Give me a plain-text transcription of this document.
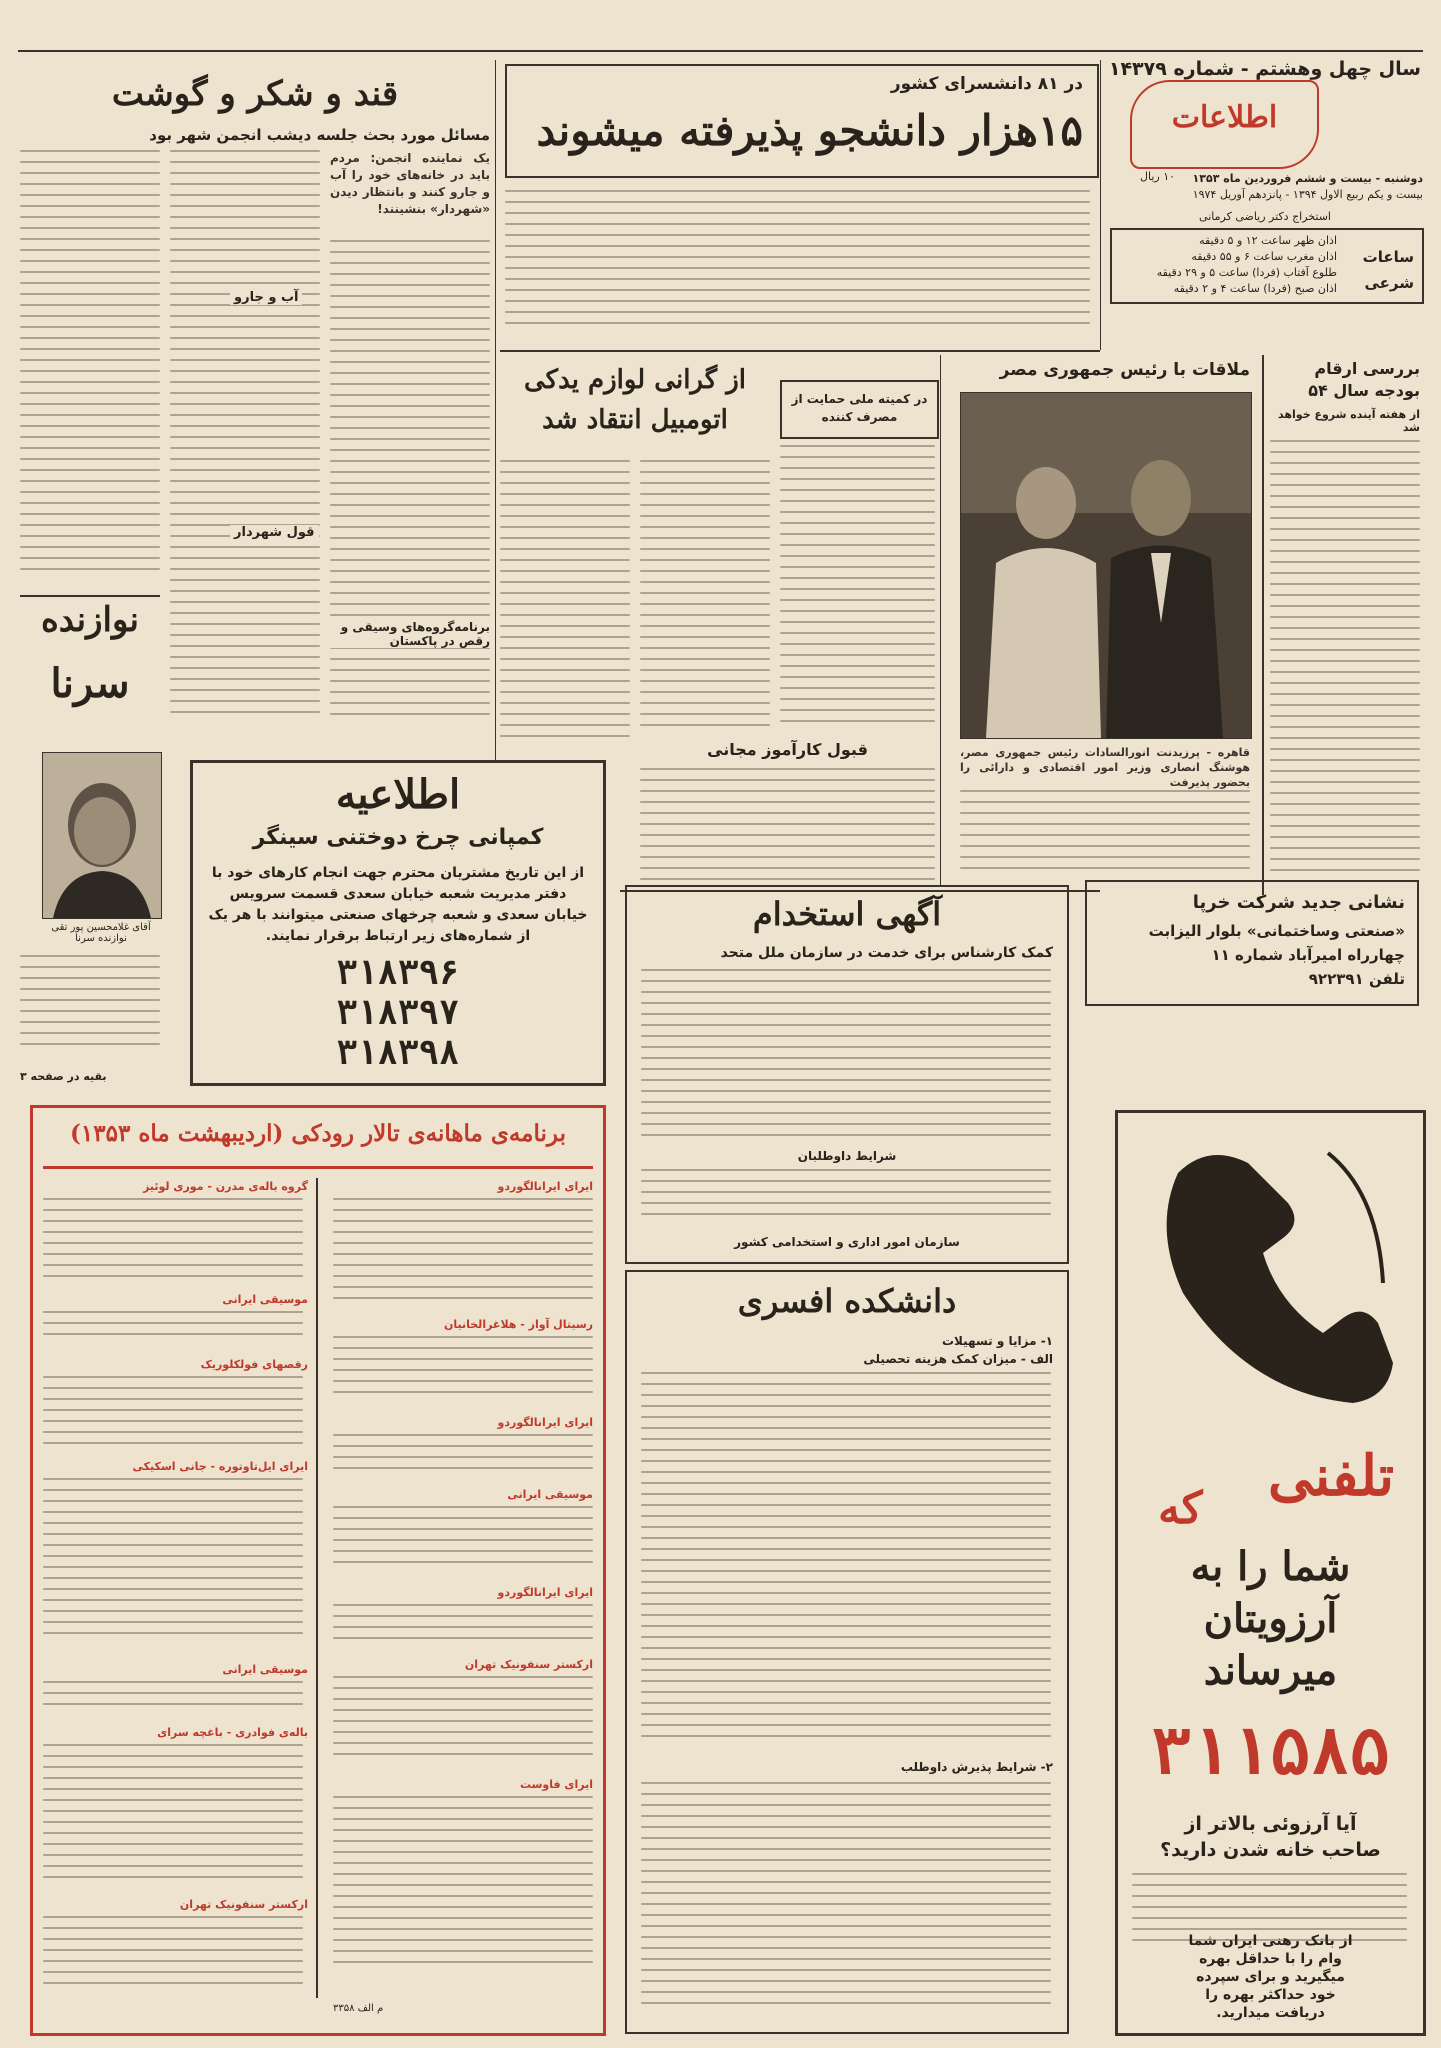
سال چهل وهشتم - شماره ۱۴۳۷۹
اطلاعات
۱۰ ریال دوشنبه - بیست و ششم فروردین ماه ۱۳۵۳
بیست و یکم ربیع الاول ۱۳۹۴ - پانزدهم آوریل ۱۹۷۴
ساعات شرعی
اذان ظهر ساعت ۱۲ و ۵ دقیقه
اذان مغرب ساعت ۶ و ۵۵ دقیقه
طلوع آفتاب (فردا) ساعت ۵ و ۲۹ دقیقه
اذان صبح (فردا) ساعت ۴ و ۲ دقیقه
استخراج دکتر ریاضی کرمانی
در ۸۱ دانشسرای کشور
۱۵هزار دانشجو پذیرفته میشوند
قند و شکر و گوشت
مسائل مورد بحث جلسه دیشب انجمن شهر بود
یک نماینده انجمن: مردم باید در خانه‌های خود را آب و جارو کنند و بانتظار دیدن «شهردار» بنشینند!
آب و جارو
قول شهردار
برنامه‌گروه‌های وسیقی و رقص در پاکستان
نوازنده
سرنا
آقای غلامحسین پور تقی نوازنده سرنا
بقیه در صفحه ۳
اطلاعیه
کمپانی چرخ دوختنی سینگر
از این تاریخ مشتریان محترم جهت انجام کارهای خود با دفتر مدیریت شعبه خیابان سعدی قسمت سرویس خیابان سعدی و شعبه چرخهای صنعتی میتوانند با هر یک از شماره‌های زیر ارتباط برقرار نمایند.
۳۱۸۳۹۶
۳۱۸۳۹۷
۳۱۸۳۹۸
از گرانی لوازم یدکی اتومبیل انتقاد شد
در کمیته ملی حمایت از مصرف کننده
قبول کارآموز مجانی
ملاقات با رئیس جمهوری مصر
قاهره - پرزیدنت انورالسادات رئیس جمهوری مصر، هوشنگ انصاری وزیر امور اقتصادی و دارائی را بحضور پذیرفت
بررسی ارقام بودجه سال ۵۴
از هفته آینده شروع خواهد شد
نشانی جدید شرکت خرپا
«صنعتی وساختمانی» بلوار الیزابت
چهارراه امیرآباد شماره ۱۱
تلفن ۹۲۲۳۹۱
آگهی استخدام
کمک کارشناس برای خدمت در سازمان ملل متحد
شرایط داوطلبان
سازمان امور اداری و استخدامی کشور
دانشکده افسری
۱- مزایا و تسهیلات
الف - میزان کمک هزینه تحصیلی
۲- شرایط پذیرش داوطلب
برنامه‌ی ماهانه‌ی تالار رودکی (اردیبهشت ماه ۱۳۵۳)
ایرای ایرانالگوردو
رسیتال آواز - هلاغرالخانیان
ایرای ایرانالگوردو
موسیقی ایرانی
ایرای ایرانالگوردو
ارکستر سنفونیک تهران
ایرای فاوست
گروه باله‌ی مدرن - موری لوئیز
موسیقی ایرانی
رقصهای فولکلوریک
ایرای ایل‌تاوتوره - جانی اسکیکی
موسیقی ایرانی
باله‌ی فوادری - باغچه سرای
ارکستر سنفونیک تهران
م الف ۳۳۵۸
تلفنی
که
شما را به
آرزویتان
میرساند
۳۱۱۵۸۵
آیا آرزوئی بالاتر از
صاحب خانه شدن دارید؟
از بانک رهنی ایران شما
وام را با حداقل بهره
میگیرید و برای سپرده
خود حداکثر بهره را
دریافت میدارید.
